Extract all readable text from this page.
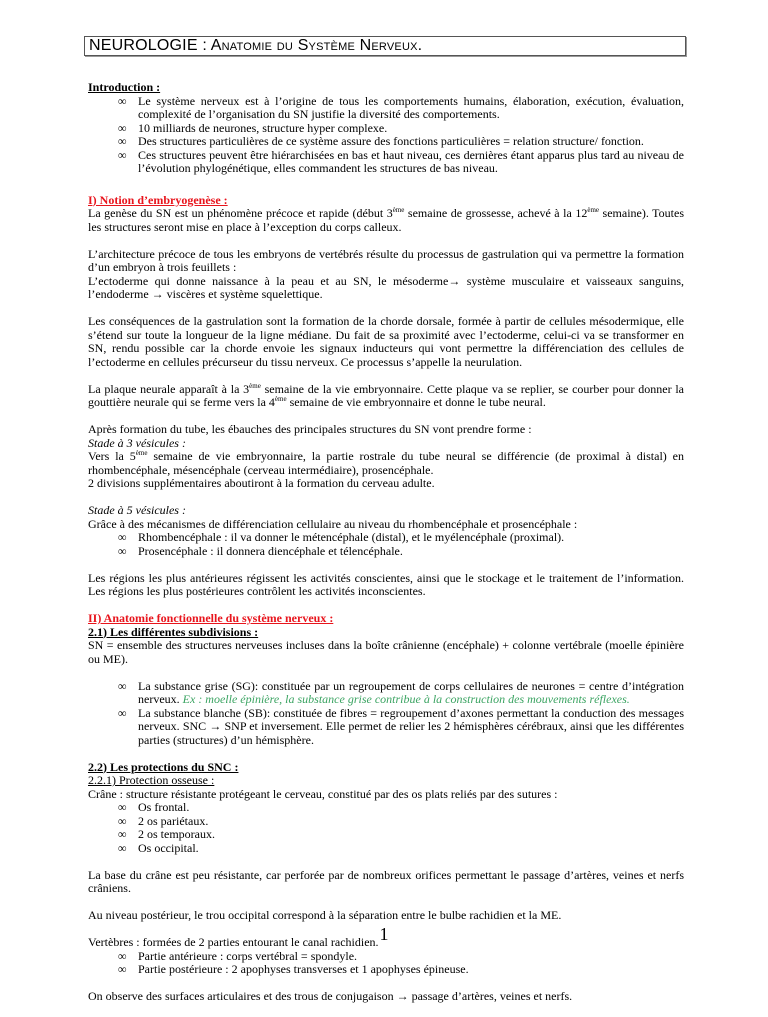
NEUROLOGIE : Anatomie du Système Nerveux.
Introduction :
∞ Le système nerveux est à l’origine de tous les comportements humains, élaboration, exécution, évaluation, complexité de l’organisation du SN justifie la diversité des comportements.
∞ 10 milliards de neurones, structure hyper complexe.
∞ Des structures particulières de ce système assure des fonctions particulières = relation structure/ fonction.
∞ Ces structures peuvent être hiérarchisées en bas et haut niveau, ces dernières étant apparus plus tard au niveau de l’évolution phylogénétique, elles commandent les structures de bas niveau.
I) Notion d’embryogenèse :

La genèse du SN est un phénomène précoce et rapide (début 3ème semaine de grossesse, achevé à la 12ème semaine). Toutes les structures seront mise en place à l’exception du corps calleux.

L’architecture précoce de tous les embryons de vertébrés résulte du processus de gastrulation qui va permettre la formation d’un embryon à trois feuillets :
L’ectoderme qui donne naissance à la peau et au SN, le mésoderme→ système musculaire et vaisseaux sanguins, l’endoderme → viscères et système squelettique.

Les conséquences de la gastrulation sont la formation de la chorde dorsale, formée à partir de cellules mésodermique, elle s’étend sur toute la longueur de la ligne médiane. Du fait de sa proximité avec l’ectoderme, celui-ci va se transformer en SN, rendu possible car la chorde envoie les signaux inducteurs qui vont permettre la différenciation des cellules de l’ectoderme en cellules précurseur du tissu nerveux. Ce processus s’appelle la neurulation.

La plaque neurale apparaît à la 3ème semaine de la vie embryonnaire. Cette plaque va se replier, se courber pour donner la gouttière neurale qui se ferme vers la 4ème semaine de vie embryonnaire et donne le tube neural.

Après formation du tube, les ébauches des principales structures du SN vont prendre forme :
Stade à 3 vésicules :
Vers la 5ème semaine de vie embryonnaire, la partie rostrale du tube neural se différencie (de proximal à distal) en rhombencéphale, mésencéphale (cerveau intermédiaire), prosencéphale.
2 divisions supplémentaires aboutiront à la formation du cerveau adulte.

Stade à 5 vésicules :
Grâce à des mécanismes de différenciation cellulaire au niveau du rhombencéphale et prosencéphale :
∞ Rhombencéphale : il va donner le métencéphale (distal), et le myélencéphale (proximal).
∞ Prosencéphale : il donnera diencéphale et télencéphale.

Les régions les plus antérieures régissent les activités conscientes, ainsi que le stockage et le traitement de l’information. Les régions les plus postérieures contrôlent les activités inconscientes.

II) Anatomie fonctionnelle du système nerveux :
2.1) Les différentes subdivisions :

SN = ensemble des structures nerveuses incluses dans la boîte crânienne (encéphale) + colonne vertébrale (moelle épinière ou ME).

∞ La substance grise (SG): constituée par un regroupement de corps cellulaires de neurones = centre d’intégration nerveux. Ex : moelle épinière, la substance grise contribue à la construction des mouvements réflexes.
∞ La substance blanche (SB): constituée de fibres = regroupement d’axones permettant la conduction des messages nerveux. SNC → SNP et inversement. Elle permet de relier les 2 hémisphères cérébraux, ainsi que les différentes parties (structures) d’un hémisphère.
2.2) Les protections du SNC :
2.2.1) Protection osseuse :
Crâne : structure résistante protégeant le cerveau, constitué par des os plats reliés par des sutures :
∞ Os frontal.
∞ 2 os pariétaux.
∞ 2 os temporaux.
∞ Os occipital.

La base du crâne est peu résistante, car perforée par de nombreux orifices permettant le passage d’artères, veines et nerfs crâniens.

Au niveau postérieur, le trou occipital correspond à la séparation entre le bulbe rachidien et la ME.

Vertèbres : formées de 2 parties entourant le canal rachidien.
∞ Partie antérieure : corps vertébral = spondyle.
∞ Partie postérieure : 2 apophyses transverses et 1 apophyses épineuse.

On observe des surfaces articulaires et des trous de conjugaison → passage d’artères, veines et nerfs.

1
